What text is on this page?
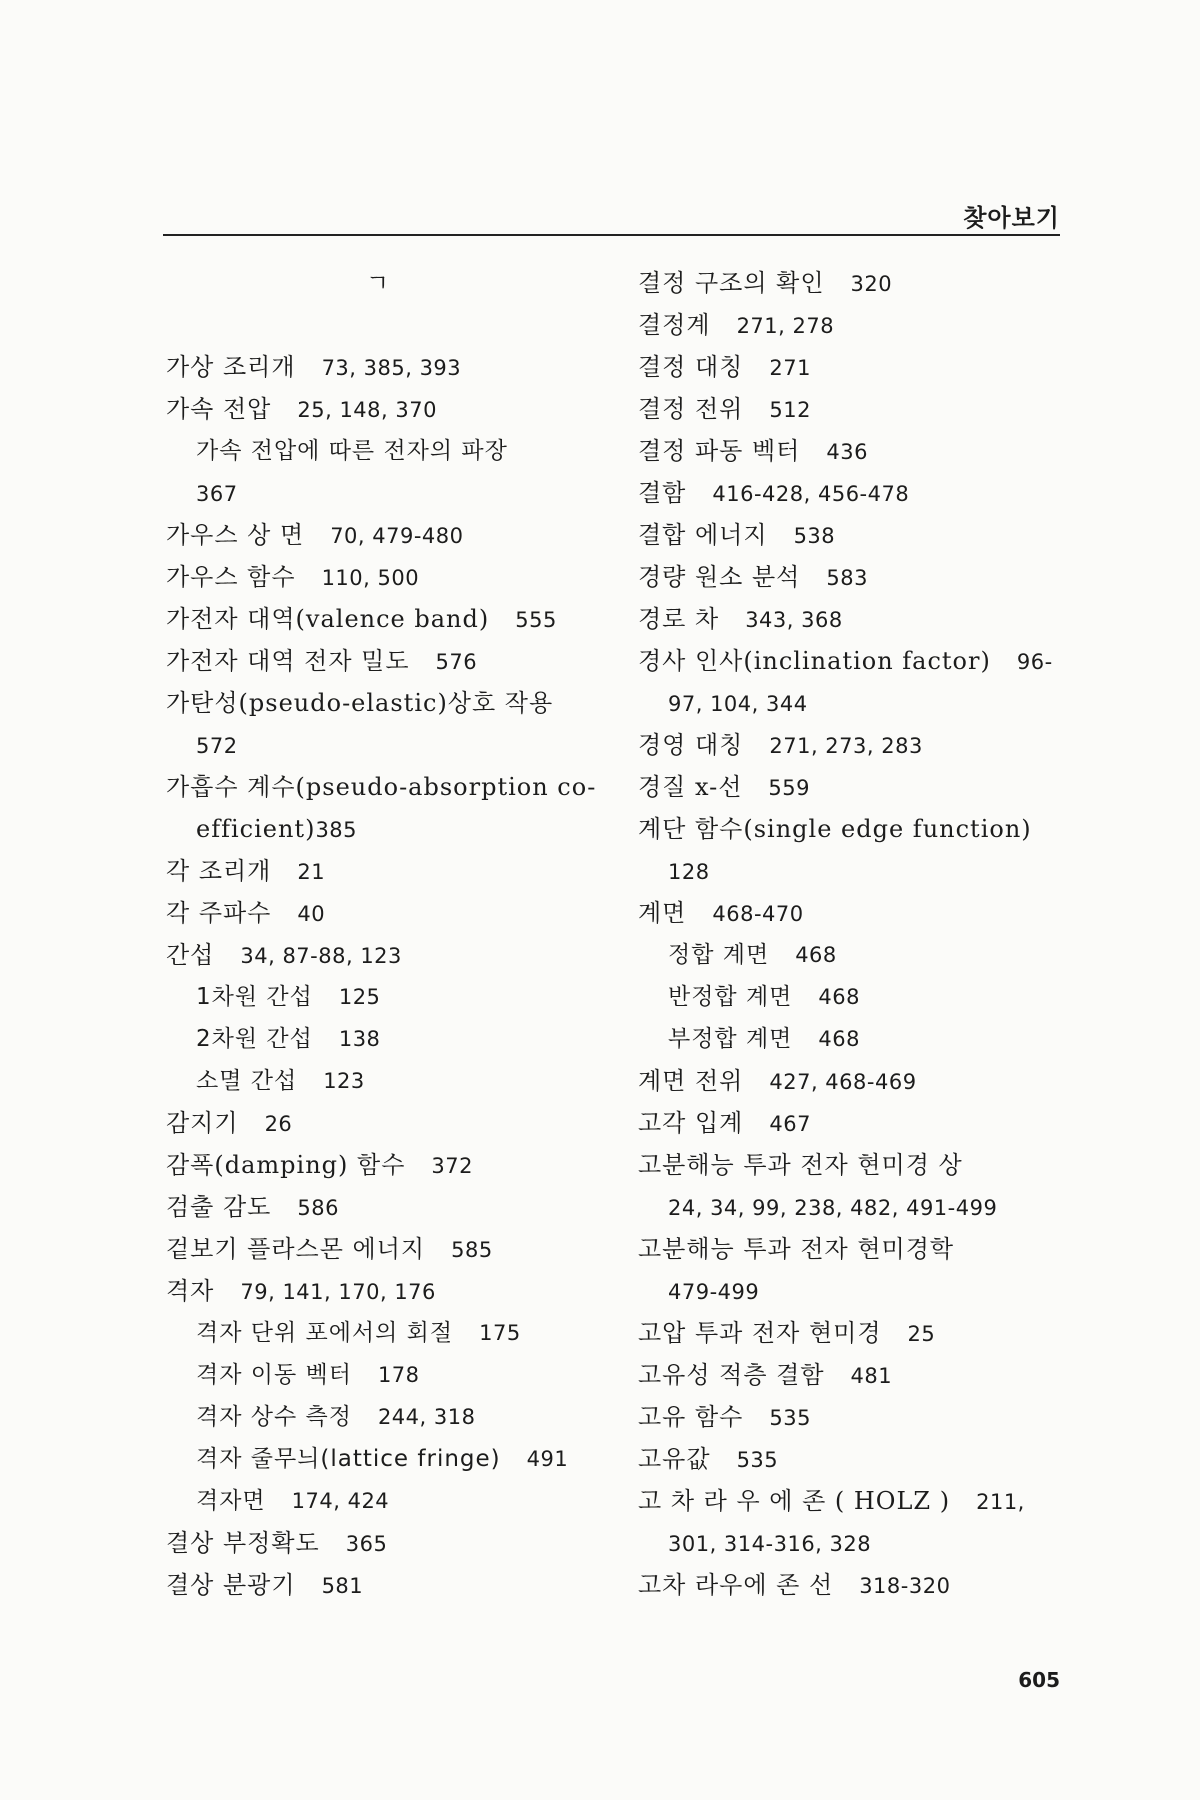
찾아보기
ㄱ
가상 조리개 73, 385, 393
가속 전압 25, 148, 370
가속 전압에 따른 전자의 파장
367
가우스 상 면 70, 479-480
가우스 함수 110, 500
가전자 대역(valence band) 555
가전자 대역 전자 밀도 576
가탄성(pseudo-elastic)상호 작용
572
가흡수 계수(pseudo-absorption co-
efficient)385
각 조리개 21
각 주파수 40
간섭 34, 87-88, 123
1차원 간섭 125
2차원 간섭 138
소멸 간섭 123
감지기 26
감폭(damping) 함수 372
검출 감도 586
겉보기 플라스몬 에너지 585
격자 79, 141, 170, 176
격자 단위 포에서의 회절 175
격자 이동 벡터 178
격자 상수 측정 244, 318
격자 줄무늬(lattice fringe) 491
격자면 174, 424
결상 부정확도 365
결상 분광기 581
결정 구조의 확인 320
결정계 271, 278
결정 대칭 271
결정 전위 512
결정 파동 벡터 436
결함 416-428, 456-478
결합 에너지 538
경량 원소 분석 583
경로 차 343, 368
경사 인사(inclination factor) 96-
97, 104, 344
경영 대칭 271, 273, 283
경질 x-선 559
계단 함수(single edge function)
128
계면 468-470
정합 계면 468
반정합 계면 468
부정합 계면 468
계면 전위 427, 468-469
고각 입계 467
고분해능 투과 전자 현미경 상
24, 34, 99, 238, 482, 491-499
고분해능 투과 전자 현미경학
479-499
고압 투과 전자 현미경 25
고유성 적층 결함 481
고유 함수 535
고유값 535
고 차 라 우 에 존 ( HOLZ ) 211,
301, 314-316, 328
고차 라우에 존 선 318-320
605
